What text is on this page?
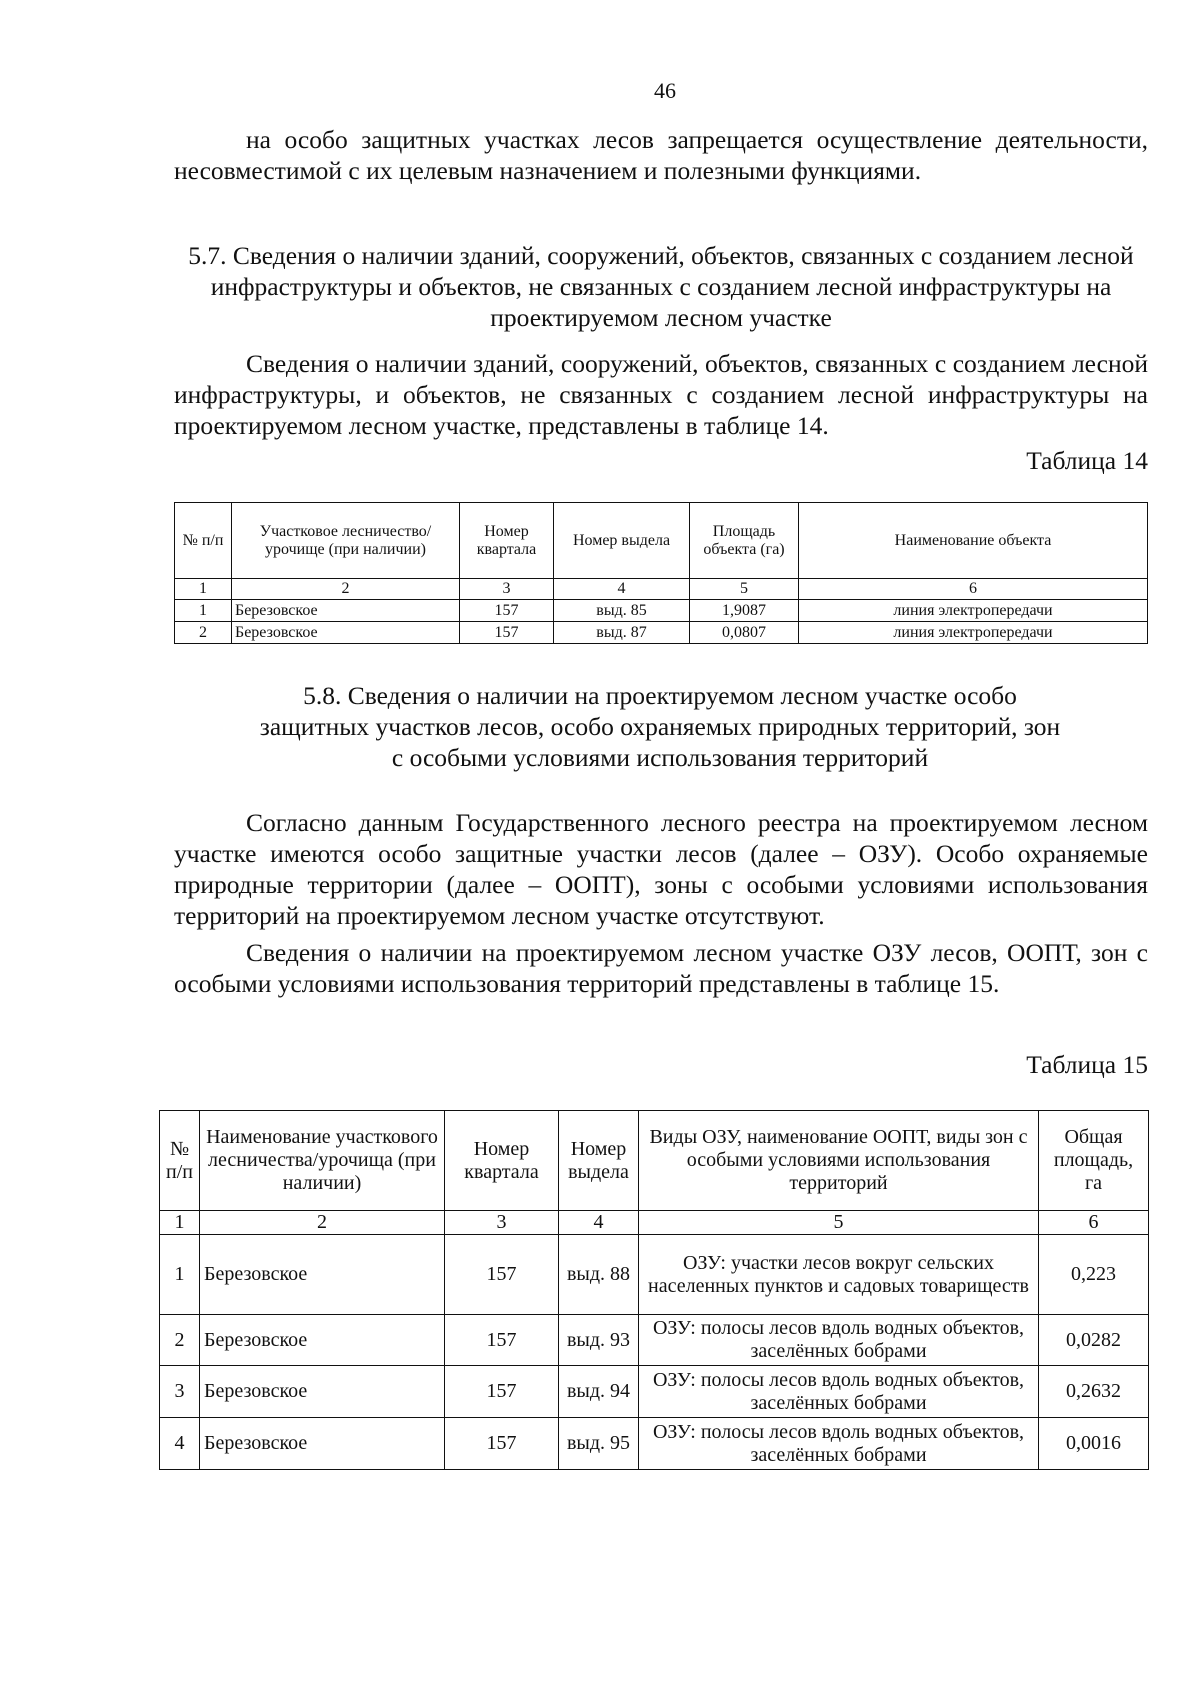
46

на особо защитных участках лесов запрещается осуществление деятельности, несовместимой с их целевым назначением и полезными функциями.

5.7. Сведения о наличии зданий, сооружений, объектов, связанных с созданием лесной инфраструктуры и объектов, не связанных с созданием лесной инфраструктуры на проектируемом лесном участке

Сведения о наличии зданий, сооружений, объектов, связанных с созданием лесной инфраструктуры, и объектов, не связанных с созданием лесной инфраструктуры на проектируемом лесном участке, представлены в таблице 14.

Таблица 14
№ п/п	Участковое лесничество/урочище (при наличии)	Номер квартала	Номер выдела	Площадь объекта (га)	Наименование объекта
1	2	3	4	5	6
1	Березовское	157	выд. 85	1,9087	линия электропередачи
2	Березовское	157	выд. 87	0,0807	линия электропередачи

5.8. Сведения о наличии на проектируемом лесном участке особо защитных участков лесов, особо охраняемых природных территорий, зон с особыми условиями использования территорий

Согласно данным Государственного лесного реестра на проектируемом лесном участке имеются особо защитные участки лесов (далее – ОЗУ). Особо охраняемые природные территории (далее – ООПТ), зоны с особыми условиями использования территорий на проектируемом лесном участке отсутствуют.

Сведения о наличии на проектируемом лесном участке ОЗУ лесов, ООПТ, зон с особыми условиями использования территорий представлены в таблице 15.

Таблица 15
№ п/п	Наименование участкового лесничества/урочища (при наличии)	Номер квартала	Номер выдела	Виды ОЗУ, наименование ООПТ, виды зон с особыми условиями использования территорий	Общая площадь, га
1	2	3	4	5	6
1	Березовское	157	выд. 88	ОЗУ: участки лесов вокруг сельских населенных пунктов и садовых товариществ	0,223
2	Березовское	157	выд. 93	ОЗУ: полосы лесов вдоль водных объектов, заселённых бобрами	0,0282
3	Березовское	157	выд. 94	ОЗУ: полосы лесов вдоль водных объектов, заселённых бобрами	0,2632
4	Березовское	157	выд. 95	ОЗУ: полосы лесов вдоль водных объектов, заселённых бобрами	0,0016
